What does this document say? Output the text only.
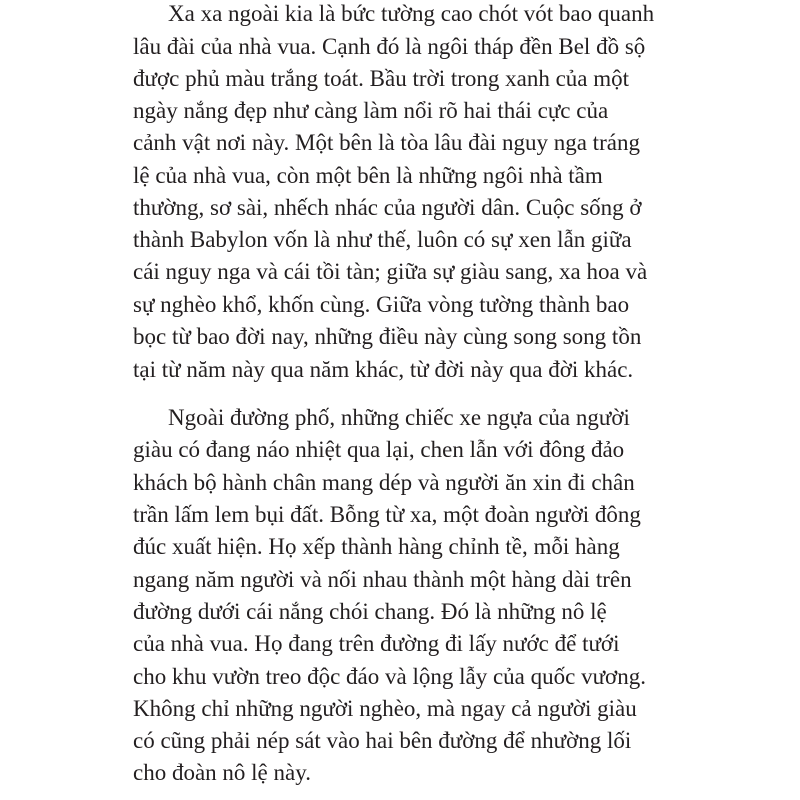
Xa xa ngoài kia là bức tường cao chót vót bao quanh
lâu đài của nhà vua. Cạnh đó là ngôi tháp đền Bel đồ sộ
được phủ màu trắng toát. Bầu trời trong xanh của một
ngày nắng đẹp như càng làm nổi rõ hai thái cực của
cảnh vật nơi này. Một bên là tòa lâu đài nguy nga tráng
lệ của nhà vua, còn một bên là những ngôi nhà tầm
thường, sơ sài, nhếch nhác của người dân. Cuộc sống ở
thành Babylon vốn là như thế, luôn có sự xen lẫn giữa
cái nguy nga và cái tồi tàn; giữa sự giàu sang, xa hoa và
sự nghèo khổ, khốn cùng. Giữa vòng tường thành bao
bọc từ bao đời nay, những điều này cùng song song tồn
tại từ năm này qua năm khác, từ đời này qua đời khác.
Ngoài đường phố, những chiếc xe ngựa của người
giàu có đang náo nhiệt qua lại, chen lẫn với đông đảo
khách bộ hành chân mang dép và người ăn xin đi chân
trần lấm lem bụi đất. Bỗng từ xa, một đoàn người đông
đúc xuất hiện. Họ xếp thành hàng chỉnh tề, mỗi hàng
ngang năm người và nối nhau thành một hàng dài trên
đường dưới cái nắng chói chang. Đó là những nô lệ
của nhà vua. Họ đang trên đường đi lấy nước để tưới
cho khu vườn treo độc đáo và lộng lẫy của quốc vương.
Không chỉ những người nghèo, mà ngay cả người giàu
có cũng phải nép sát vào hai bên đường để nhường lối
cho đoàn nô lệ này.
